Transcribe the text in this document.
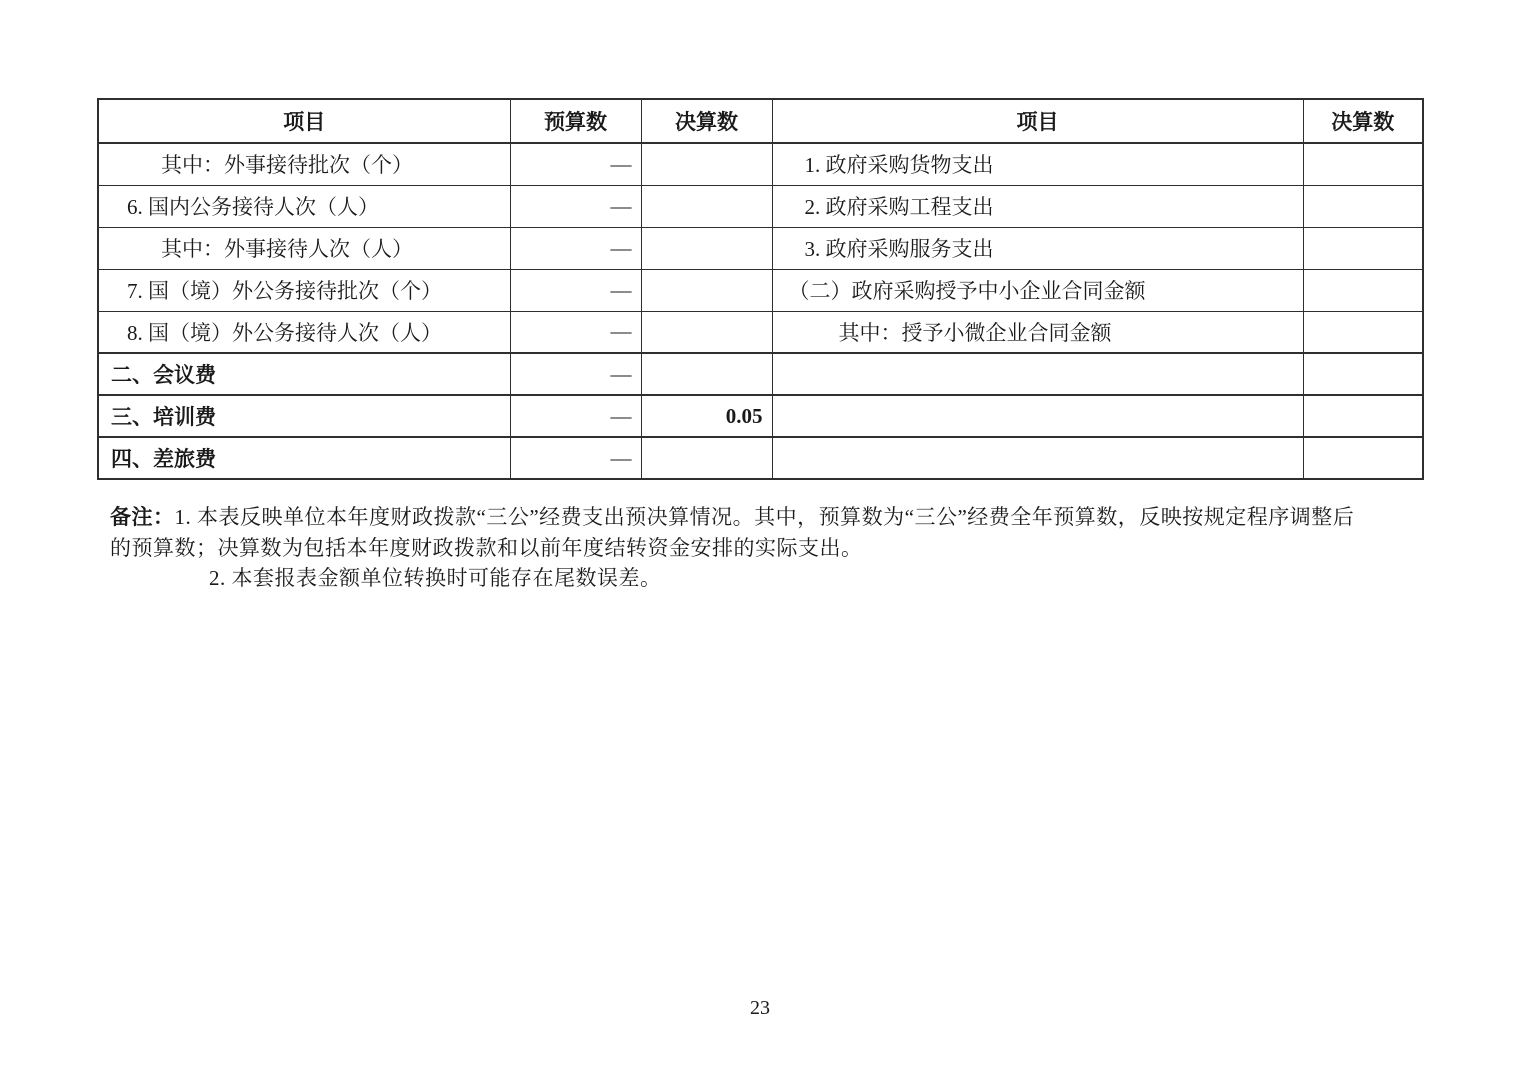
项目	预算数	决算数	项目	决算数
其中：外事接待批次（个）	—		1. 政府采购货物支出	
6. 国内公务接待人次（人）	—		2. 政府采购工程支出	
其中：外事接待人次（人）	—		3. 政府采购服务支出	
7. 国（境）外公务接待批次（个）	—		（二）政府采购授予中小企业合同金额	
8. 国（境）外公务接待人次（人）	—		其中：授予小微企业合同金额	
二、会议费	—			
三、培训费	—	0.05		
四、差旅费	—			
备注：1. 本表反映单位本年度财政拨款“三公”经费支出预决算情况。其中，预算数为“三公”经费全年预算数，反映按规定程序调整后
的预算数；决算数为包括本年度财政拨款和以前年度结转资金安排的实际支出。
2. 本套报表金额单位转换时可能存在尾数误差。
23
